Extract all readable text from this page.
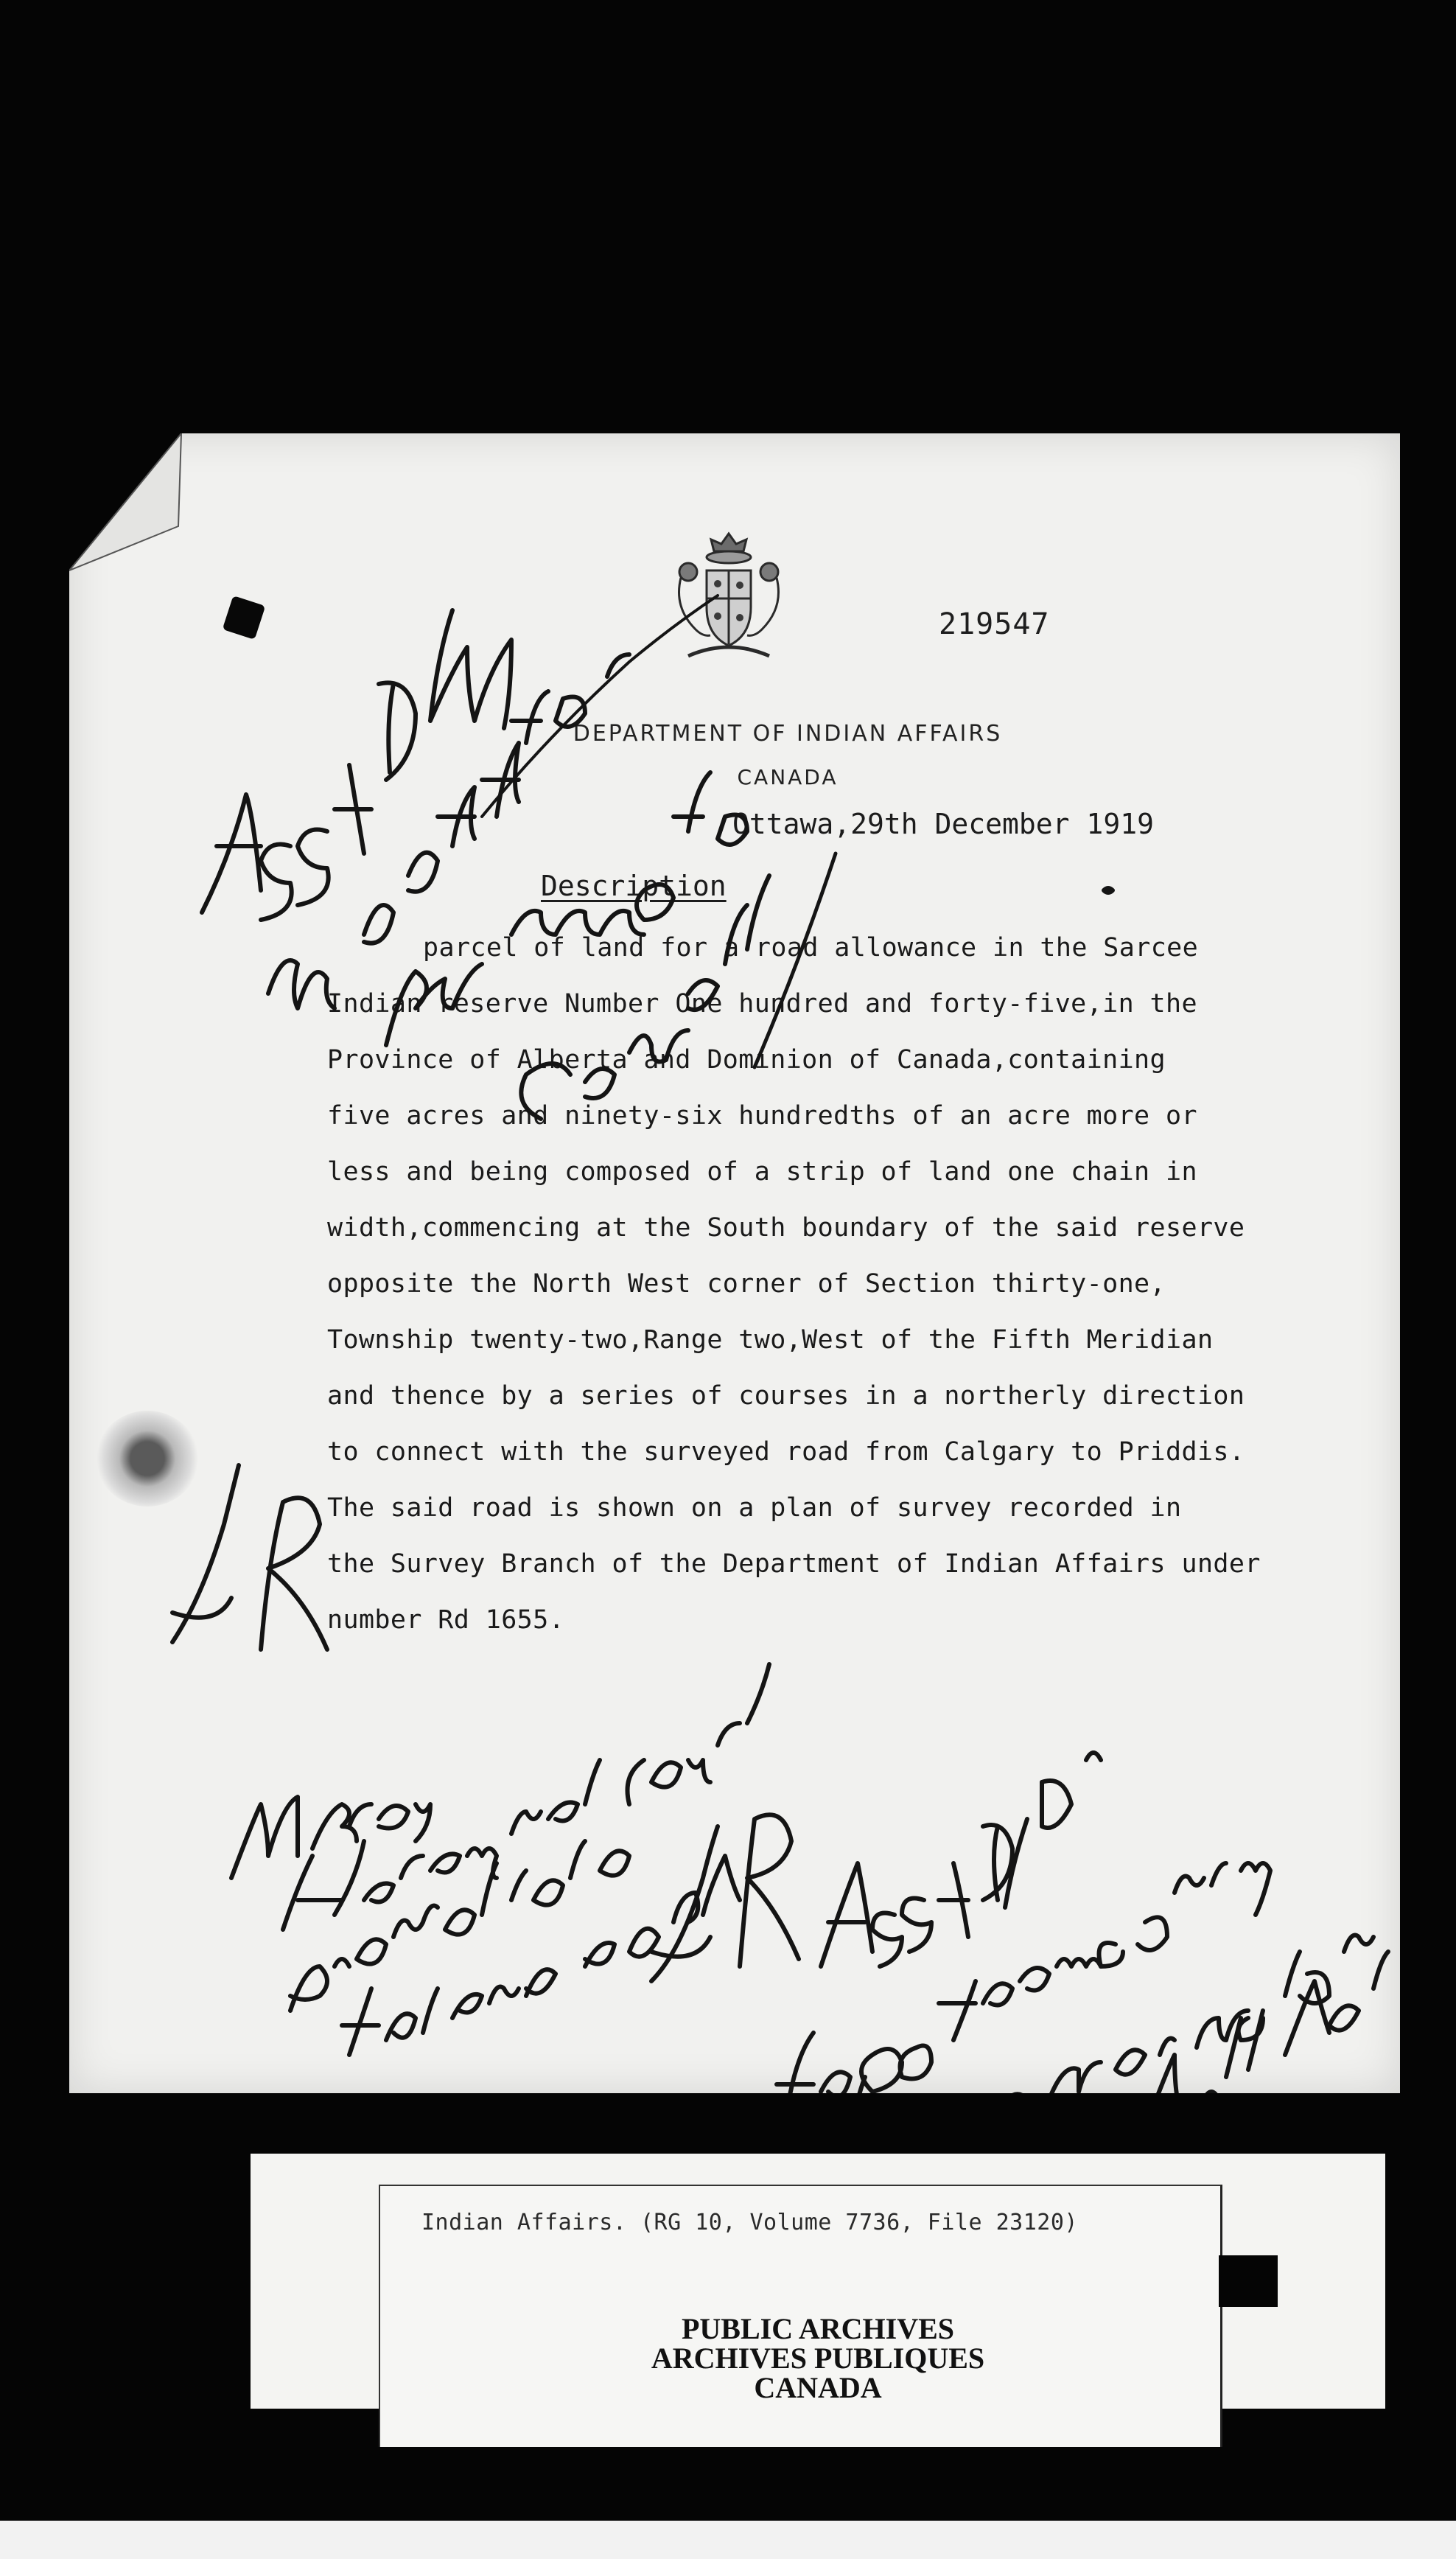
219547
DEPARTMENT OF INDIAN AFFAIRS
CANADA
Ottawa,29th December 1919
Description
parcel of land for a road allowance in the Sarcee
Indian reserve Number One hundred and forty-five,in the
Province of Alberta and Dominion of Canada,containing
five acres and ninety-six hundredths of an acre more or
less and being composed of a strip of land one chain in
width,commencing at the South boundary of the said reserve
opposite the North West corner of Section thirty-one,
Township twenty-two,Range two,West of the Fifth Meridian
and thence by a series of courses in a northerly direction
to connect with the surveyed road from Calgary to Priddis.
The said road is shown on a plan of survey recorded in
the Survey Branch of the Department of Indian Affairs under
number Rd 1655.
Indian Affairs. (RG 10, Volume 7736, File 23120)
PUBLIC ARCHIVES
ARCHIVES PUBLIQUES
CANADA
